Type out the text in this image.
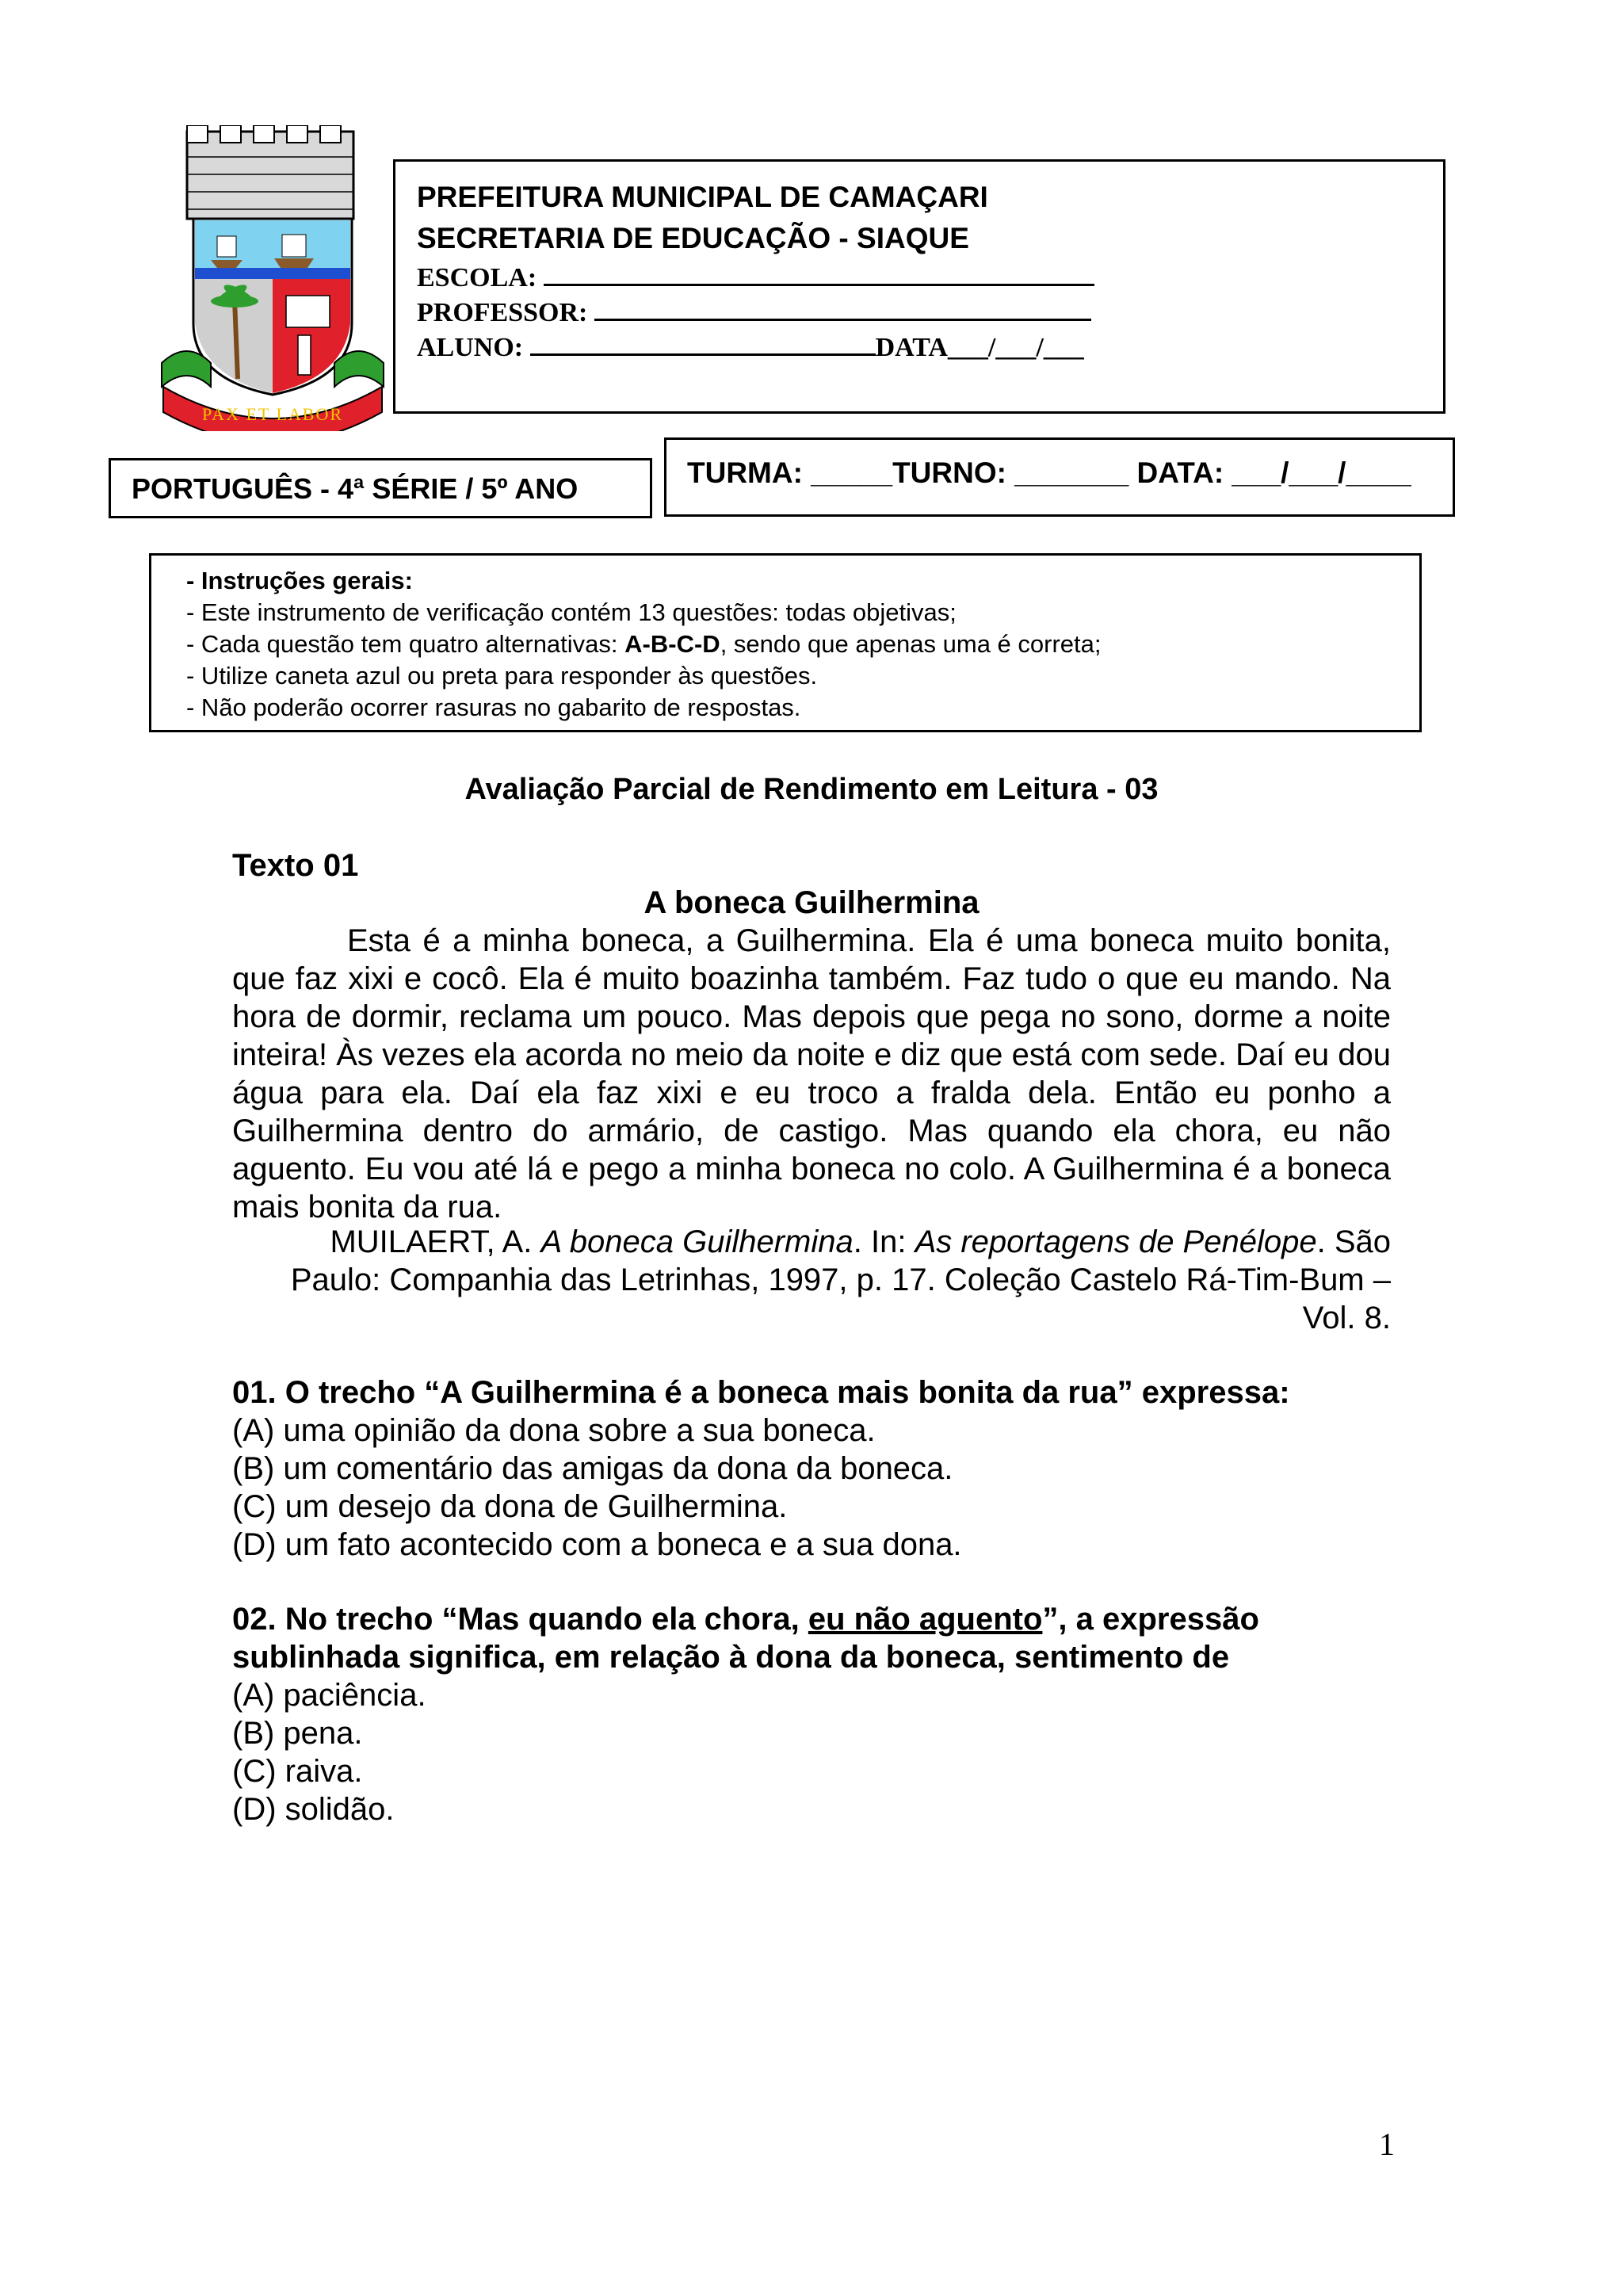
PAX ET LABOR
PREFEITURA MUNICIPAL DE CAMAÇARI
SECRETARIA DE EDUCAÇÃO - SIAQUE
ESCOLA:
PROFESSOR:
ALUNO:	DATA___/___/___
PORTUGUÊS - 4ª SÉRIE / 5º ANO	TURMA: _____TURNO: _______ DATA: ___/___/____
- Instruções gerais:
- Este instrumento de verificação contém 13 questões: todas objetivas;
- Cada questão tem quatro alternativas: A-B-C-D, sendo que apenas uma é correta;
- Utilize caneta azul ou preta para responder às questões.
- Não poderão ocorrer rasuras no gabarito de respostas.
Avaliação Parcial de Rendimento em Leitura - 03
Texto 01
A boneca Guilhermina
Esta é a minha boneca, a Guilhermina. Ela é uma boneca muito bonita, que faz xixi e cocô. Ela é muito boazinha também. Faz tudo o que eu mando. Na hora de dormir, reclama um pouco. Mas depois que pega no sono, dorme a noite inteira! Às vezes ela acorda no meio da noite e diz que está com sede. Daí eu dou água para ela. Daí ela faz xixi e eu troco a fralda dela. Então eu ponho a Guilhermina dentro do armário, de castigo. Mas quando ela chora, eu não aguento. Eu vou até lá e pego a minha boneca no colo. A Guilhermina é a boneca mais bonita da rua.
MUILAERT, A. A boneca Guilhermina. In: As reportagens de Penélope. São Paulo: Companhia das Letrinhas, 1997, p. 17. Coleção Castelo Rá-Tim-Bum – Vol. 8.
01. O trecho “A Guilhermina é a boneca mais bonita da rua” expressa:
(A) uma opinião da dona sobre a sua boneca.
(B) um comentário das amigas da dona da boneca.
(C) um desejo da dona de Guilhermina.
(D) um fato acontecido com a boneca e a sua dona.
02. No trecho “Mas quando ela chora, eu não aguento”, a expressão sublinhada significa, em relação à dona da boneca, sentimento de
(A) paciência.
(B) pena.
(C) raiva.
(D) solidão.
1
